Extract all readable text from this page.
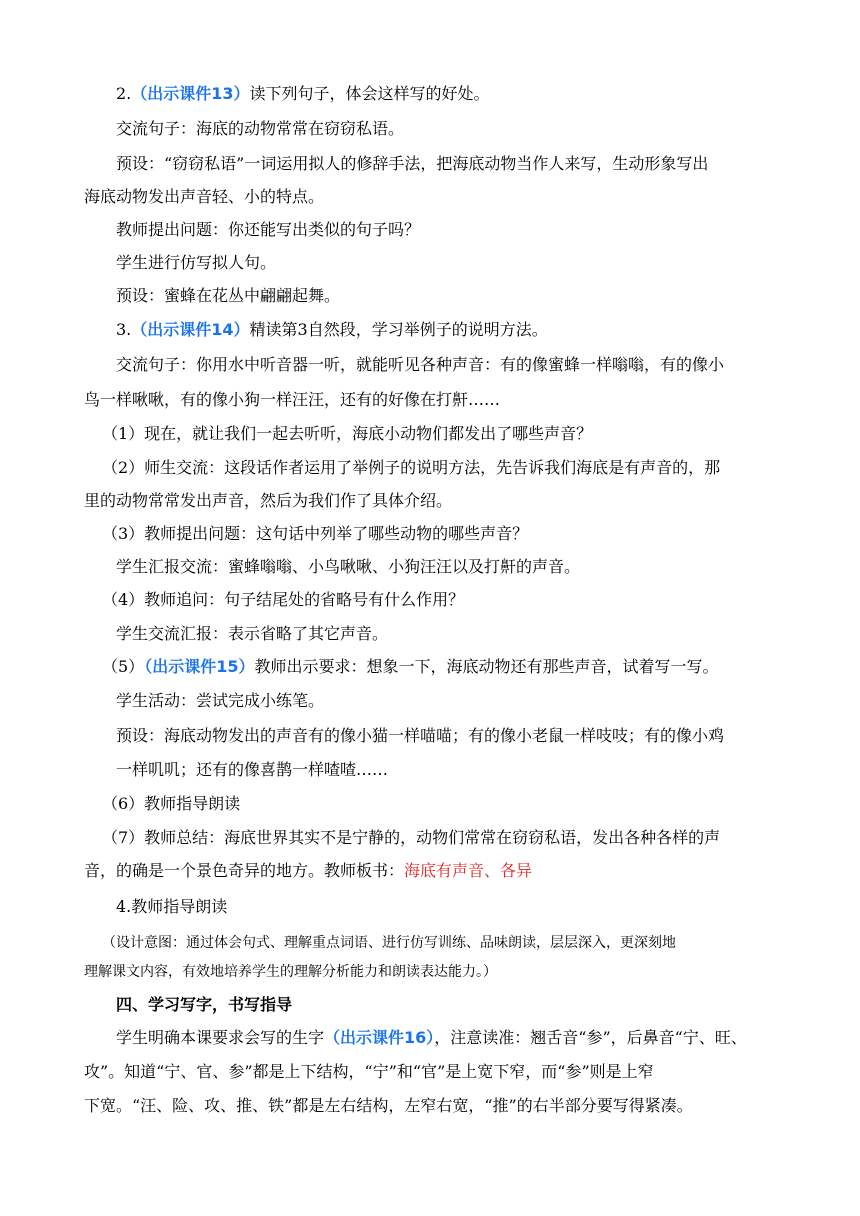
2.（出示课件13）读下列句子，体会这样写的好处。
交流句子：海底的动物常常在窃窃私语。
预设：“窃窃私语”一词运用拟人的修辞手法，把海底动物当作人来写，生动形象写出
海底动物发出声音轻、小的特点。
教师提出问题：你还能写出类似的句子吗？
学生进行仿写拟人句。
预设：蜜蜂在花丛中翩翩起舞。
3.（出示课件14）精读第3自然段，学习举例子的说明方法。
交流句子：你用水中听音器一听，就能听见各种声音：有的像蜜蜂一样嗡嗡，有的像小
鸟一样啾啾，有的像小狗一样汪汪，还有的好像在打鼾……
（1）现在，就让我们一起去听听，海底小动物们都发出了哪些声音？
（2）师生交流：这段话作者运用了举例子的说明方法，先告诉我们海底是有声音的，那
里的动物常常发出声音，然后为我们作了具体介绍。
（3）教师提出问题：这句话中列举了哪些动物的哪些声音？
学生汇报交流：蜜蜂嗡嗡、小鸟啾啾、小狗汪汪以及打鼾的声音。
（4）教师追问：句子结尾处的省略号有什么作用？
学生交流汇报：表示省略了其它声音。
（5）（出示课件15）教师出示要求：想象一下，海底动物还有那些声音，试着写一写。
学生活动：尝试完成小练笔。
预设：海底动物发出的声音有的像小猫一样喵喵；有的像小老鼠一样吱吱；有的像小鸡
一样叽叽；还有的像喜鹊一样喳喳……
（6）教师指导朗读
（7）教师总结：海底世界其实不是宁静的，动物们常常在窃窃私语，发出各种各样的声
音，的确是一个景色奇异的地方。教师板书：海底有声音、各异
4.教师指导朗读
（设计意图：通过体会句式、理解重点词语、进行仿写训练、品味朗读，层层深入，更深刻地
理解课文内容，有效地培养学生的理解分析能力和朗读表达能力。）
四、学习写字，书写指导
学生明确本课要求会写的生字（出示课件16），注意读准：翘舌音“参”，后鼻音“宁、旺、
攻”。知道“宁、官、参”都是上下结构，“宁”和“官”是上宽下窄，而“参”则是上窄
下宽。“汪、险、攻、推、铁”都是左右结构，左窄右宽，“推”的右半部分要写得紧凑。
